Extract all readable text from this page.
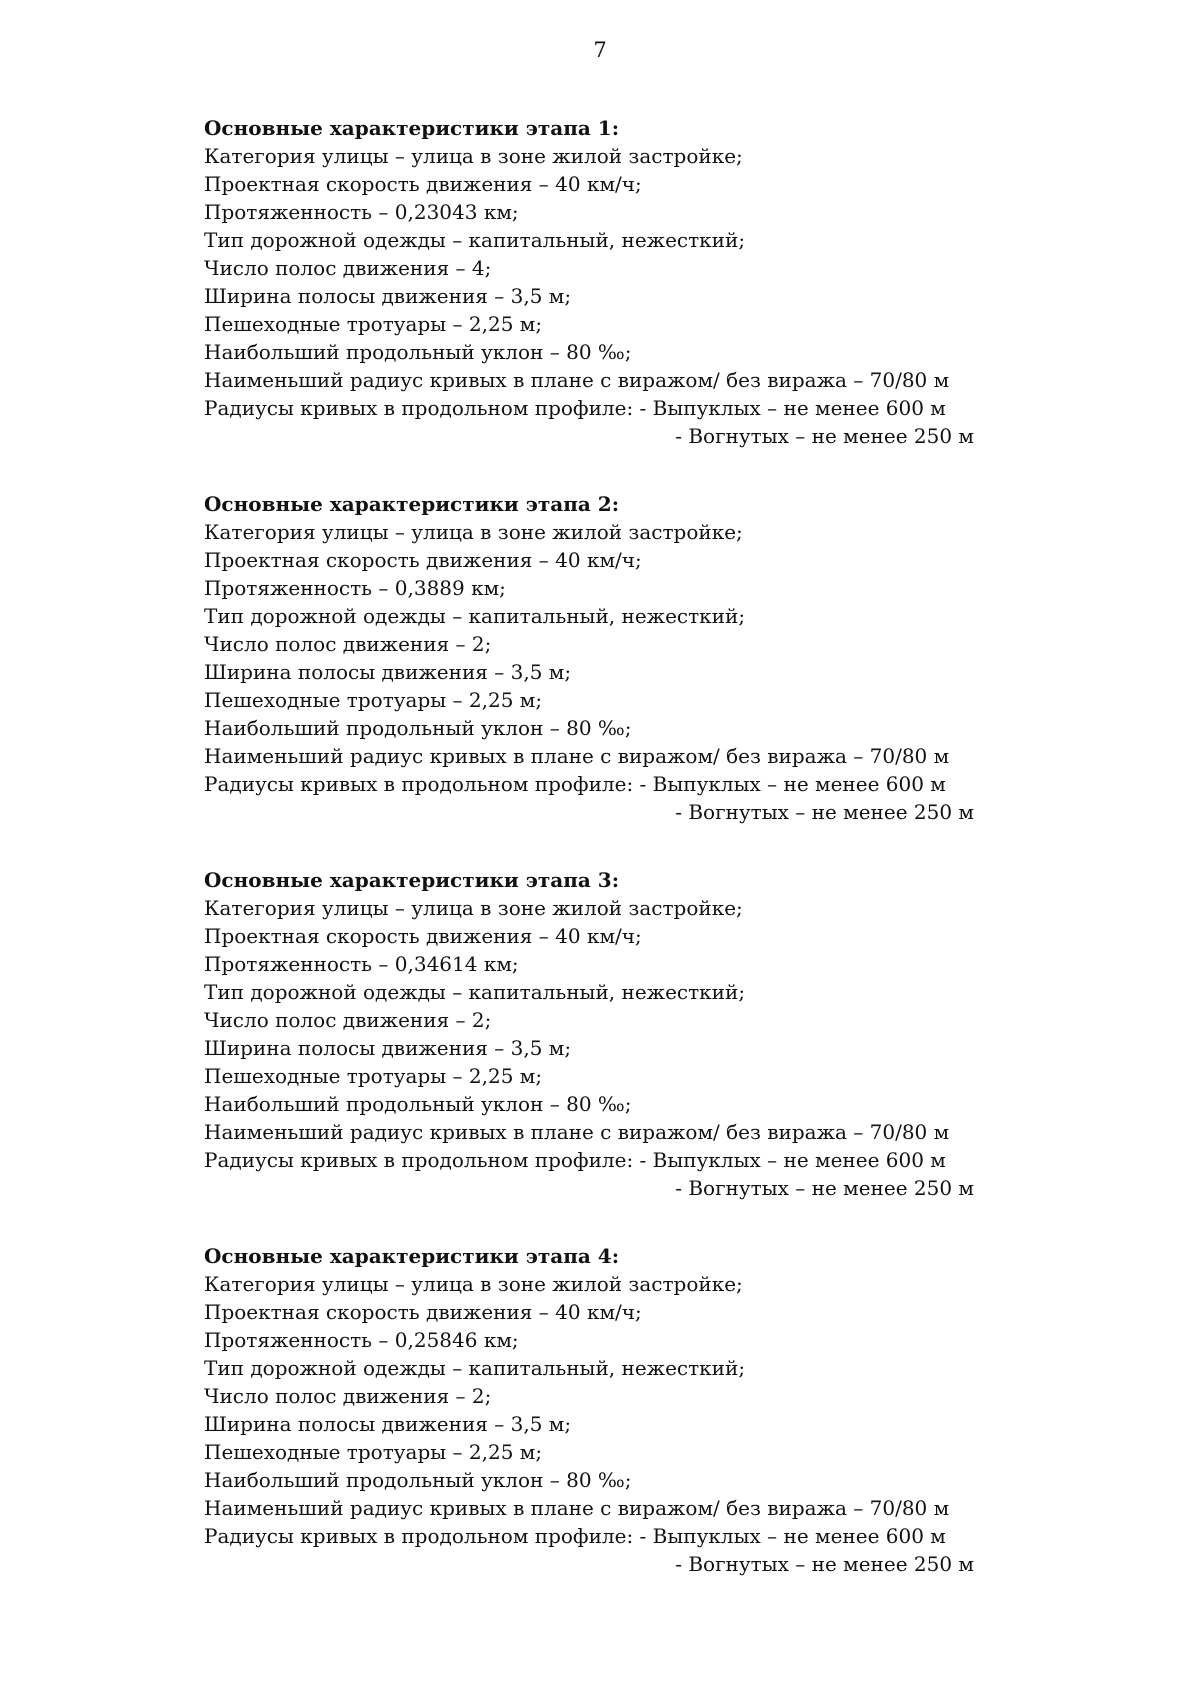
7
Основные характеристики этапа 1:
Категория улицы – улица в зоне жилой застройке;
Проектная скорость движения – 40 км/ч;
Протяженность – 0,23043 км;
Тип дорожной одежды – капитальный, нежесткий;
Число полос движения – 4;
Ширина полосы движения – 3,5 м;
Пешеходные тротуары – 2,25 м;
Наибольший продольный уклон – 80 ‰;
Наименьший радиус кривых в плане с виражом/ без виража – 70/80 м
Радиусы кривых в продольном профиле: - Выпуклых – не менее 600 м
- Вогнутых – не менее 250 м
Основные характеристики этапа 2:
Категория улицы – улица в зоне жилой застройке;
Проектная скорость движения – 40 км/ч;
Протяженность – 0,3889 км;
Тип дорожной одежды – капитальный, нежесткий;
Число полос движения – 2;
Ширина полосы движения – 3,5 м;
Пешеходные тротуары – 2,25 м;
Наибольший продольный уклон – 80 ‰;
Наименьший радиус кривых в плане с виражом/ без виража – 70/80 м
Радиусы кривых в продольном профиле: - Выпуклых – не менее 600 м
- Вогнутых – не менее 250 м
Основные характеристики этапа 3:
Категория улицы – улица в зоне жилой застройке;
Проектная скорость движения – 40 км/ч;
Протяженность – 0,34614 км;
Тип дорожной одежды – капитальный, нежесткий;
Число полос движения – 2;
Ширина полосы движения – 3,5 м;
Пешеходные тротуары – 2,25 м;
Наибольший продольный уклон – 80 ‰;
Наименьший радиус кривых в плане с виражом/ без виража – 70/80 м
Радиусы кривых в продольном профиле: - Выпуклых – не менее 600 м
- Вогнутых – не менее 250 м
Основные характеристики этапа 4:
Категория улицы – улица в зоне жилой застройке;
Проектная скорость движения – 40 км/ч;
Протяженность – 0,25846 км;
Тип дорожной одежды – капитальный, нежесткий;
Число полос движения – 2;
Ширина полосы движения – 3,5 м;
Пешеходные тротуары – 2,25 м;
Наибольший продольный уклон – 80 ‰;
Наименьший радиус кривых в плане с виражом/ без виража – 70/80 м
Радиусы кривых в продольном профиле: - Выпуклых – не менее 600 м
- Вогнутых – не менее 250 м
